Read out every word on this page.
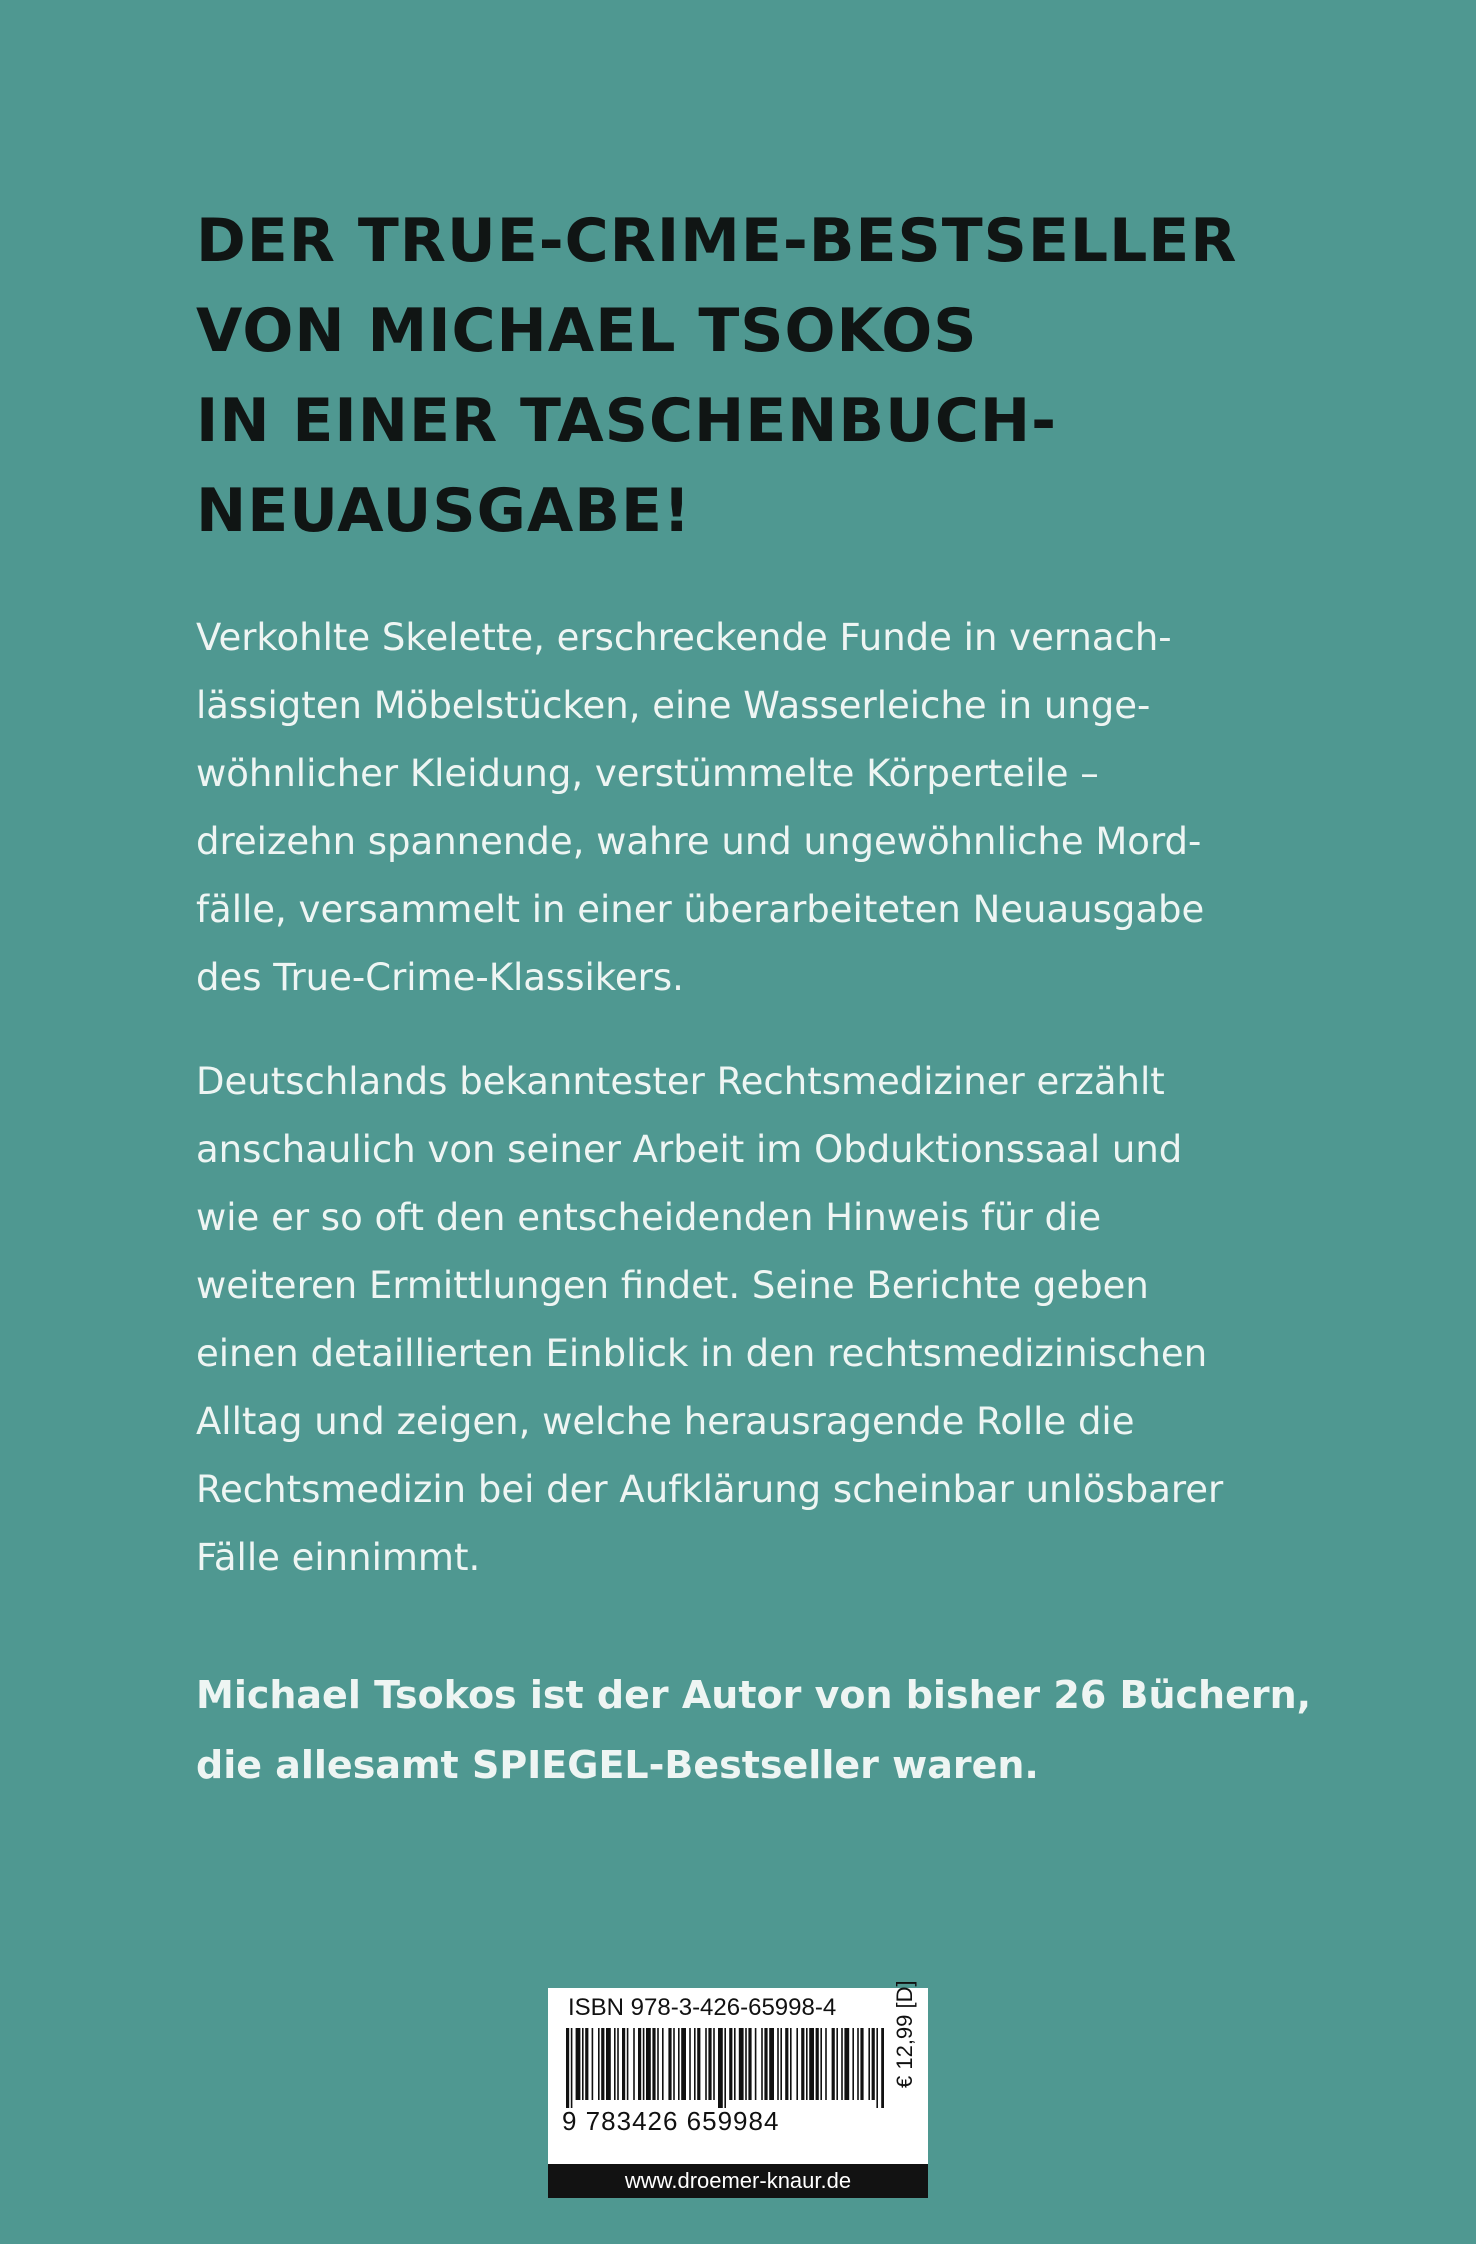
DER TRUE-CRIME-BESTSELLER
VON MICHAEL TSOKOS
IN EINER TASCHENBUCH-
NEUAUSGABE!
Verkohlte Skelette, erschreckende Funde in vernach-
lässigten Möbelstücken, eine Wasserleiche in unge-
wöhnlicher Kleidung, verstümmelte Körperteile –
dreizehn spannende, wahre und ungewöhnliche Mord-
fälle, versammelt in einer überarbeiteten Neuausgabe
des True-Crime-Klassikers.
Deutschlands bekanntester Rechtsmediziner erzählt
anschaulich von seiner Arbeit im Obduktionssaal und
wie er so oft den entscheidenden Hinweis für die
weiteren Ermittlungen findet. Seine Berichte geben
einen detaillierten Einblick in den rechtsmedizinischen
Alltag und zeigen, welche herausragende Rolle die
Rechtsmedizin bei der Aufklärung scheinbar unlösbarer
Fälle einnimmt.
Michael Tsokos ist der Autor von bisher 26 Büchern,
die allesamt SPIEGEL-Bestseller waren.
ISBN 978-3-426-65998-4
9 783426 659984
€ 12,99 [D]
www.droemer-knaur.de
